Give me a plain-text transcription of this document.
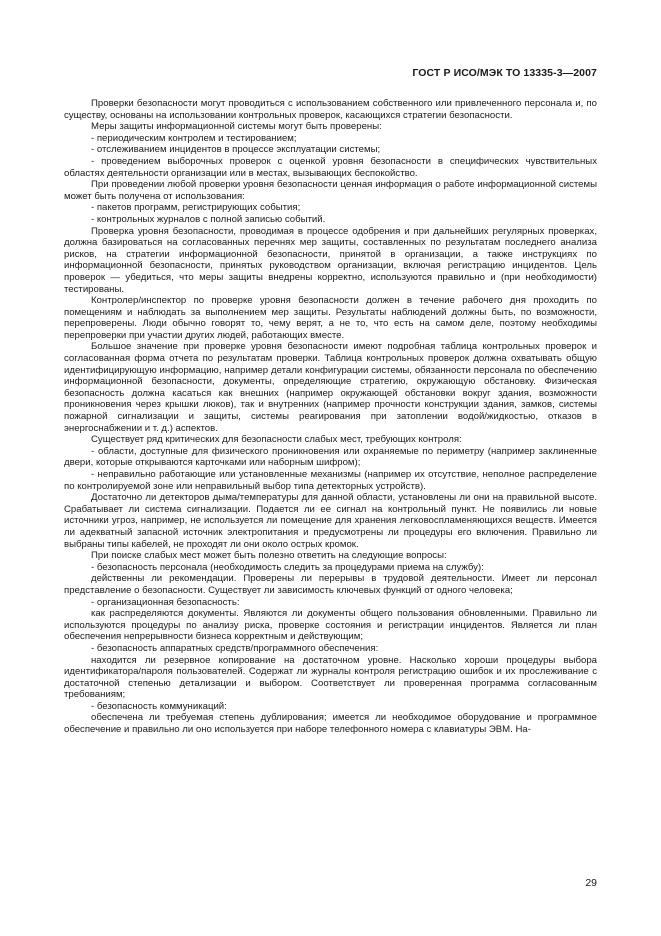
ГОСТ Р ИСО/МЭК ТО 13335-3—2007

Проверки безопасности могут проводиться с использованием собственного или привлеченного персонала и, по существу, основаны на использовании контрольных проверок, касающихся стратегии безопасности.

Меры защиты информационной системы могут быть проверены:

- периодическим контролем и тестированием;

- отслеживанием инцидентов в процессе эксплуатации системы;

- проведением выборочных проверок с оценкой уровня безопасности в специфических чувствительных областях деятельности организации или в местах, вызывающих беспокойство.

При проведении любой проверки уровня безопасности ценная информация о работе информационной системы может быть получена от использования:

- пакетов программ, регистрирующих события;

- контрольных журналов с полной записью событий.

Проверка уровня безопасности, проводимая в процессе одобрения и при дальнейших регулярных проверках, должна базироваться на согласованных перечнях мер защиты, составленных по результатам последнего анализа рисков, на стратегии информационной безопасности, принятой в организации, а также инструкциях по информационной безопасности, принятых руководством организации, включая регистрацию инцидентов. Цель проверок — убедиться, что меры защиты внедрены корректно, используются правильно и (при необходимости) тестированы.

Контролер/инспектор по проверке уровня безопасности должен в течение рабочего дня проходить по помещениям и наблюдать за выполнением мер защиты. Результаты наблюдений должны быть, по возможности, перепроверены. Люди обычно говорят то, чему верят, а не то, что есть на самом деле, поэтому необходимы перепроверки при участии других людей, работающих вместе.

Большое значение при проверке уровня безопасности имеют подробная таблица контрольных проверок и согласованная форма отчета по результатам проверки. Таблица контрольных проверок должна охватывать общую идентифицирующую информацию, например детали конфигурации системы, обязанности персонала по обеспечению информационной безопасности, документы, определяющие стратегию, окружающую обстановку. Физическая безопасность должна касаться как внешних (например окружающей обстановки вокруг здания, возможности проникновения через крышки люков), так и внутренних (например прочности конструкции здания, замков, системы пожарной сигнализации и защиты, системы реагирования при затоплении водой/жидкостью, отказов в энергоснабжении и т. д.) аспектов.

Существует ряд критических для безопасности слабых мест, требующих контроля:

- области, доступные для физического проникновения или охраняемые по периметру (например заклиненные двери, которые открываются карточками или наборным шифром);

- неправильно работающие или установленные механизмы (например их отсутствие, неполное распределение по контролируемой зоне или неправильный выбор типа детекторных устройств).

Достаточно ли детекторов дыма/температуры для данной области, установлены ли они на правильной высоте. Срабатывает ли система сигнализации. Подается ли ее сигнал на контрольный пункт. Не появились ли новые источники угроз, например, не используется ли помещение для хранения легковоспламеняющихся веществ. Имеется ли адекватный запасной источник электропитания и предусмотрены ли процедуры его включения. Правильно ли выбраны типы кабелей, не проходят ли они около острых кромок.

При поиске слабых мест может быть полезно ответить на следующие вопросы:

- безопасность персонала (необходимость следить за процедурами приема на службу):

действенны ли рекомендации. Проверены ли перерывы в трудовой деятельности. Имеет ли персонал представление о безопасности. Существует ли зависимость ключевых функций от одного человека;

- организационная безопасность:

как распределяются документы. Являются ли документы общего пользования обновленными. Правильно ли используются процедуры по анализу риска, проверке состояния и регистрации инцидентов. Является ли план обеспечения непрерывности бизнеса корректным и действующим;

- безопасность аппаратных средств/программного обеспечения:

находится ли резервное копирование на достаточном уровне. Насколько хороши процедуры выбора идентификатора/пароля пользователей. Содержат ли журналы контроля регистрацию ошибок и их прослеживание с достаточной степенью детализации и выбором. Соответствует ли проверенная программа согласованным требованиям;

- безопасность коммуникаций:

обеспечена ли требуемая степень дублирования; имеется ли необходимое оборудование и программное обеспечение и правильно ли оно используется при наборе телефонного номера с клавиатуры ЭВМ. На-

29
